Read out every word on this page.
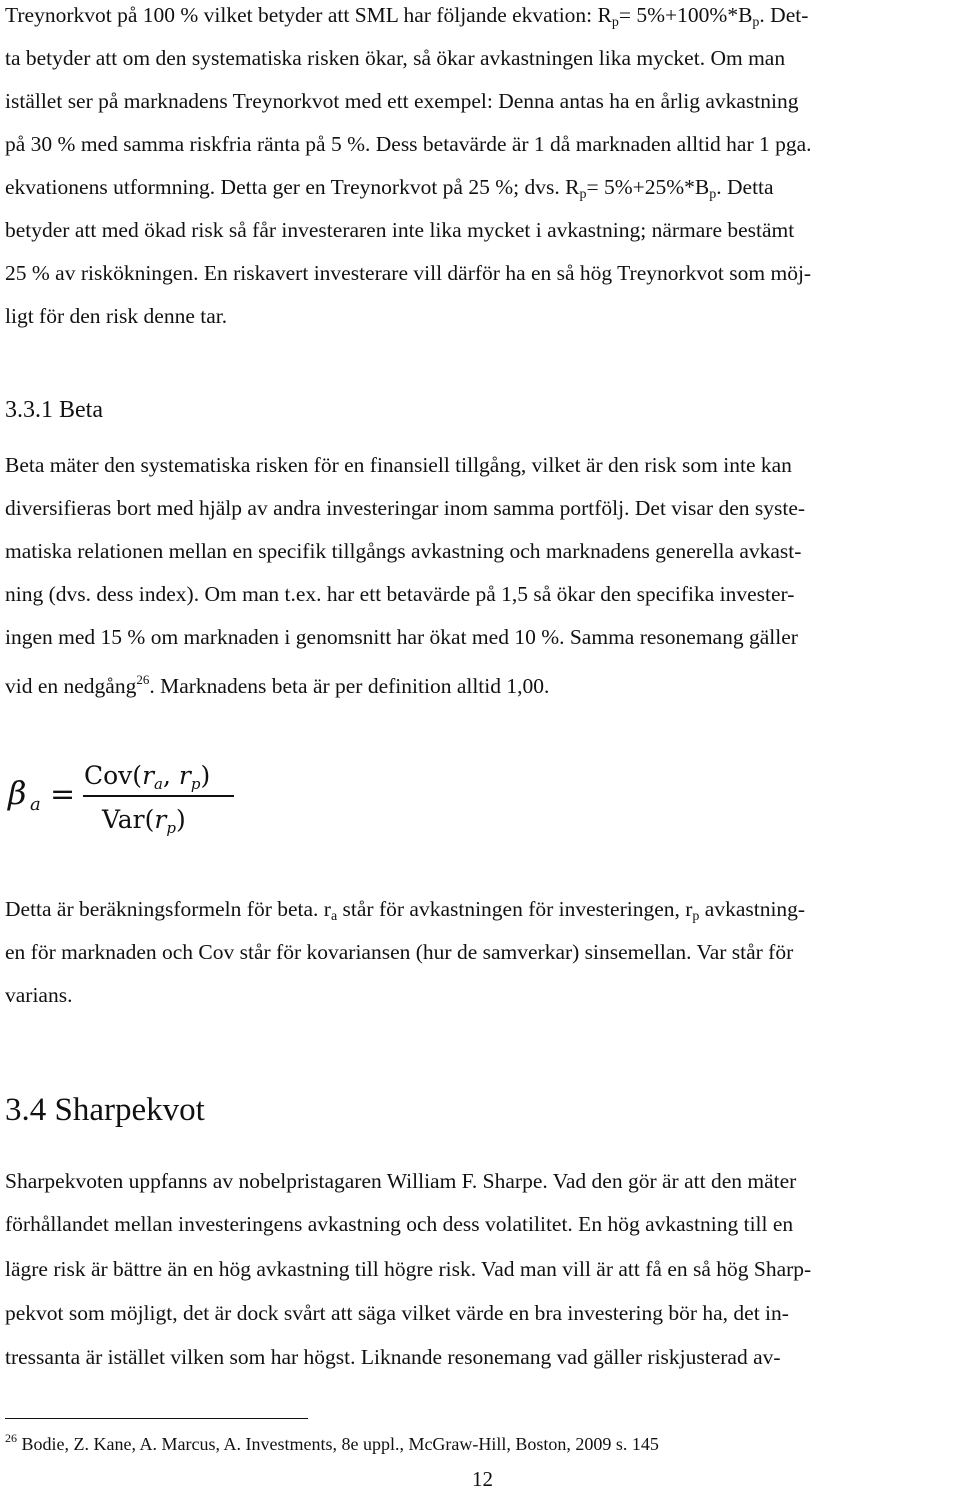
Treynorkvot på 100 % vilket betyder att SML har följande ekvation: $R_p= 5\%+100\%*B_p$. Det-
ta betyder att om den systematiska risken ökar, så ökar avkastningen lika mycket. Om man
istället ser på marknadens Treynorkvot med ett exempel: Denna antas ha en årlig avkastning
på 30 % med samma riskfria ränta på 5 %. Dess betavärde är 1 då marknaden alltid har 1 pga.
ekvationens utformning. Detta ger en Treynorkvot på 25 %; dvs. $R_p= 5\%+25\%*B_p$. Detta
betyder att med ökad risk så får investeraren inte lika mycket i avkastning; närmare bestämt
25 % av riskökningen. En riskavert investerare vill därför ha en så hög Treynorkvot som möj-
ligt för den risk denne tar.
3.3.1 Beta
Beta mäter den systematiska risken för en finansiell tillgång, vilket är den risk som inte kan
diversifieras bort med hjälp av andra investeringar inom samma portfölj. Det visar den syste-
matiska relationen mellan en specifik tillgångs avkastning och marknadens generella avkast-
ning (dvs. dess index). Om man t.ex. har ett betavärde på 1,5 så ökar den specifika invester-
ingen med 15 % om marknaden i genomsnitt har ökat med 10 %. Samma resonemang gäller
vid en nedgång$^{26}$. Marknadens beta är per definition alltid 1,00.
β a =
$Cov(r_a$, $r_p$)
$Var(r_p)$
Detta är beräkningsformeln för beta. $r_a$ står för avkastningen för investeringen, $r_p$ avkastning-
en för marknaden och Cov står för kovariansen (hur de samverkar) sinsemellan. Var står för
varians.
3.4 Sharpekvot
Sharpekvoten uppfanns av nobelpristagaren William F. Sharpe. Vad den gör är att den mäter
förhållandet mellan investeringens avkastning och dess volatilitet. En hög avkastning till en
lägre risk är bättre än en hög avkastning till högre risk. Vad man vill är att få en så hög Sharp-
pekvot som möjligt, det är dock svårt att säga vilket värde en bra investering bör ha, det in-
tressanta är istället vilken som har högst. Liknande resonemang vad gäller riskjusterad av-
$^{26}$ Bodie, Z. Kane, A. Marcus, A. Investments, 8e uppl., McGraw-Hill, Boston, 2009 s. 145
12
